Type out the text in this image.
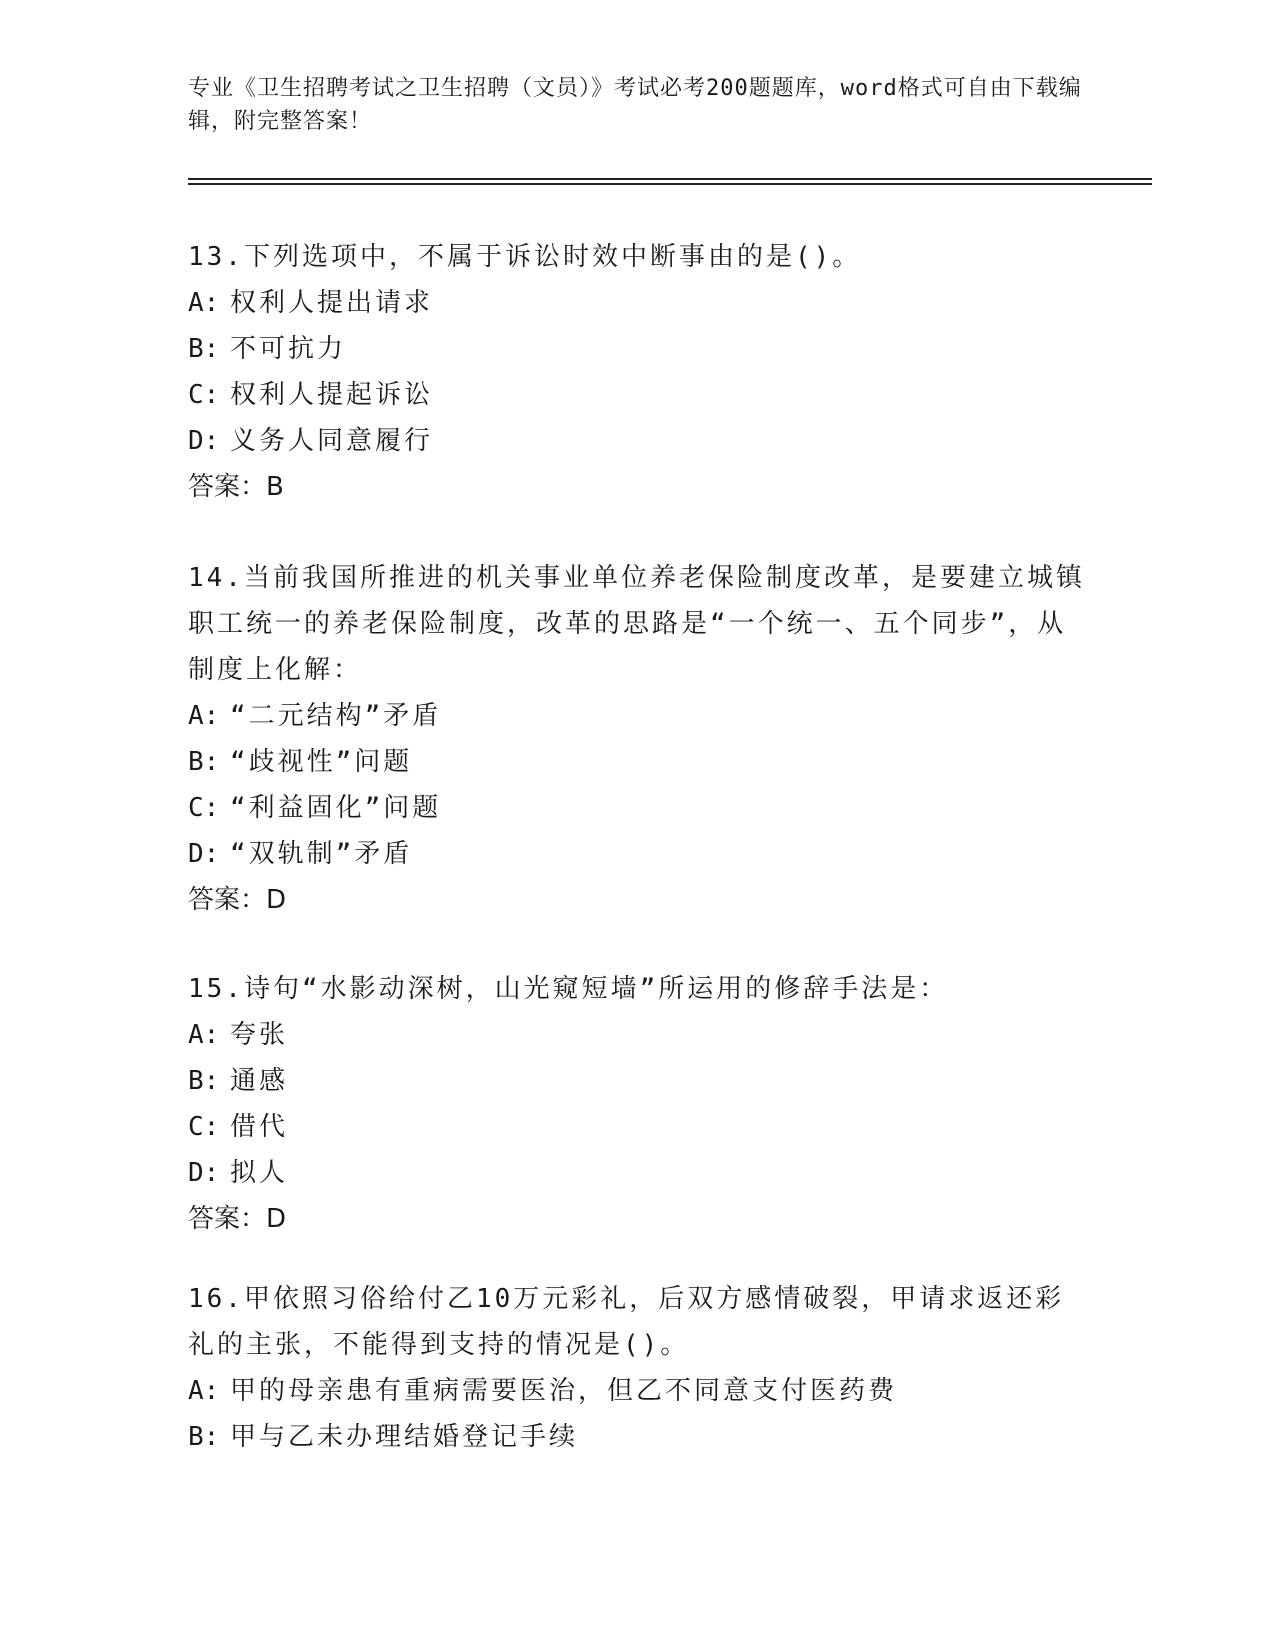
专业《卫生招聘考试之卫生招聘（文员）》考试必考200题题库，word格式可自由下载编辑，附完整答案！

13.下列选项中，不属于诉讼时效中断事由的是()。

A: 权利人提出请求

B: 不可抗力

C: 权利人提起诉讼

D: 义务人同意履行

答案：B

14.当前我国所推进的机关事业单位养老保险制度改革，是要建立城镇职工统一的养老保险制度，改革的思路是“一个统一、五个同步”，从制度上化解：

A: “二元结构”矛盾

B: “歧视性”问题

C: “利益固化”问题

D: “双轨制”矛盾

答案：D

15.诗句“水影动深树，山光窥短墙”所运用的修辞手法是：

A: 夸张

B: 通感

C: 借代

D: 拟人

答案：D

16.甲依照习俗给付乙10万元彩礼，后双方感情破裂，甲请求返还彩礼的主张，不能得到支持的情况是()。

A: 甲的母亲患有重病需要医治，但乙不同意支付医药费

B: 甲与乙未办理结婚登记手续
